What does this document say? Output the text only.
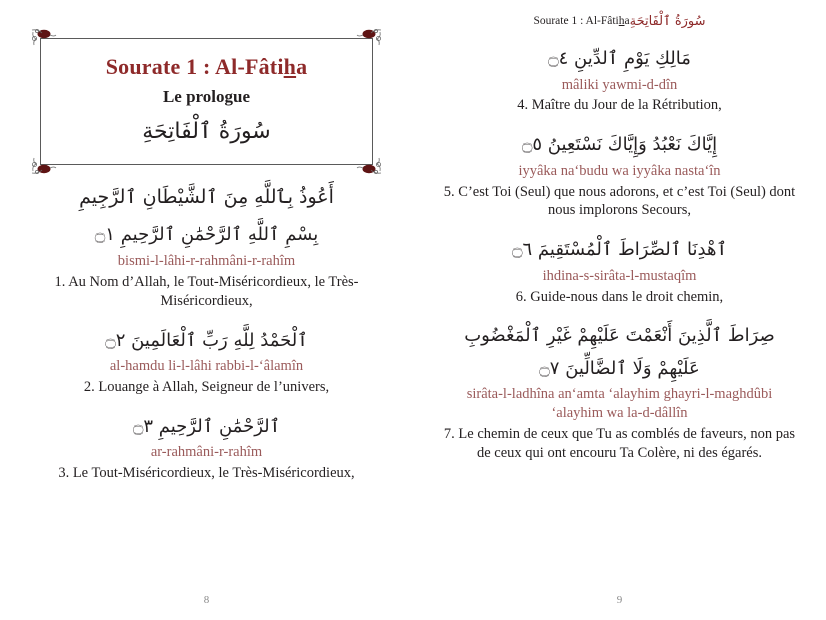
Sourate 1 : Al-Fâtiha
Le prologue
سُورَةُ ٱلْفَاتِحَةِ
أَعُوذُ بِٱللَّهِ مِنَ ٱلشَّيْطَانِ ٱلرَّجِيمِ
بِسْمِ ٱللَّهِ ٱلرَّحْمَٰنِ ٱلرَّحِيمِ ۝١
bismi-l-lâhi-r-rahmâni-r-rahîm
1. Au Nom d’Allah, le Tout-Miséricordieux, le Très-Miséricordieux,
ٱلْحَمْدُ لِلَّهِ رَبِّ ٱلْعَالَمِينَ ۝٢
al-hamdu li-l-lâhi rabbi-l-‘âlamîn
2. Louange à Allah, Seigneur de l’univers,
ٱلرَّحْمَٰنِ ٱلرَّحِيمِ ۝٣
ar-rahmâni-r-rahîm
3. Le Tout-Miséricordieux, le Très-Miséricordieux,
8
Sourate 1 : Al-Fâtihaسُورَةُ ٱلْفَاتِحَةِ
مَالِكِ يَوْمِ ٱلدِّينِ ۝٤
mâliki yawmi-d-dîn
4. Maître du Jour de la Rétribution,
إِيَّاكَ نَعْبُدُ وَإِيَّاكَ نَسْتَعِينُ ۝٥
iyyâka na‘budu wa iyyâka nasta‘în
5. C’est Toi (Seul) que nous adorons, et c’est Toi (Seul) dont nous implorons Secours,
ٱهْدِنَا ٱلصِّرَاطَ ٱلْمُسْتَقِيمَ ۝٦
ihdina-s-sirâta-l-mustaqîm
6. Guide-nous dans le droit chemin,
صِرَاطَ ٱلَّذِينَ أَنْعَمْتَ عَلَيْهِمْ غَيْرِ ٱلْمَغْضُوبِ
عَلَيْهِمْ وَلَا ٱلضَّالِّينَ ۝٧
sirâta-l-ladhîna an‘amta ‘alayhim ghayri-l-maghdûbi ‘alayhim wa la-d-dâllîn
7. Le chemin de ceux que Tu as comblés de faveurs, non pas de ceux qui ont encouru Ta Colère, ni des égarés.
9
